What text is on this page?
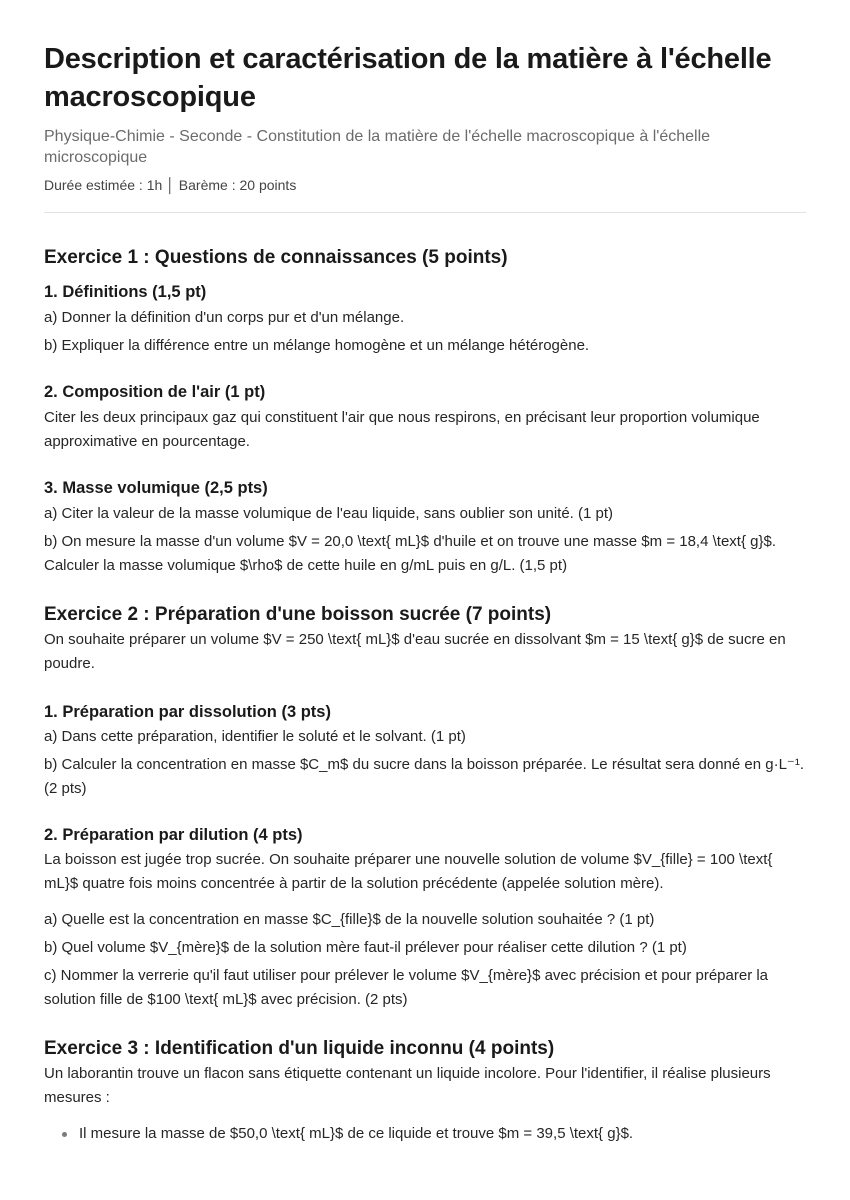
Description et caractérisation de la matière à l'échelle macroscopique

Physique-Chimie - Seconde - Constitution de la matière de l'échelle macroscopique à l'échelle microscopique

Durée estimée : 1h │ Barème : 20 points

Exercice 1 : Questions de connaissances (5 points)
1. Définitions (1,5 pt)

a) Donner la définition d'un corps pur et d'un mélange.

b) Expliquer la différence entre un mélange homogène et un mélange hétérogène.

2. Composition de l'air (1 pt)

Citer les deux principaux gaz qui constituent l'air que nous respirons, en précisant leur proportion volumique approximative en pourcentage.

3. Masse volumique (2,5 pts)

a) Citer la valeur de la masse volumique de l'eau liquide, sans oublier son unité. (1 pt)

b) On mesure la masse d'un volume $V = 20,0 \text{ mL}$ d'huile et on trouve une masse $m = 18,4 \text{ g}$. Calculer la masse volumique $\rho$ de cette huile en g/mL puis en g/L. (1,5 pt)

Exercice 2 : Préparation d'une boisson sucrée (7 points)

On souhaite préparer un volume $V = 250 \text{ mL}$ d'eau sucrée en dissolvant $m = 15 \text{ g}$ de sucre en poudre.

1. Préparation par dissolution (3 pts)

a) Dans cette préparation, identifier le soluté et le solvant. (1 pt)

b) Calculer la concentration en masse $C_m$ du sucre dans la boisson préparée. Le résultat sera donné en g·L⁻¹. (2 pts)

2. Préparation par dilution (4 pts)

La boisson est jugée trop sucrée. On souhaite préparer une nouvelle solution de volume $V_{fille} = 100 \text{ mL}$ quatre fois moins concentrée à partir de la solution précédente (appelée solution mère).

a) Quelle est la concentration en masse $C_{fille}$ de la nouvelle solution souhaitée ? (1 pt)

b) Quel volume $V_{mère}$ de la solution mère faut-il prélever pour réaliser cette dilution ? (1 pt)

c) Nommer la verrerie qu'il faut utiliser pour prélever le volume $V_{mère}$ avec précision et pour préparer la solution fille de $100 \text{ mL}$ avec précision. (2 pts)

Exercice 3 : Identification d'un liquide inconnu (4 points)

Un laborantin trouve un flacon sans étiquette contenant un liquide incolore. Pour l'identifier, il réalise plusieurs mesures :

Il mesure la masse de $50,0 \text{ mL}$ de ce liquide et trouve $m = 39,5 \text{ g}$.
